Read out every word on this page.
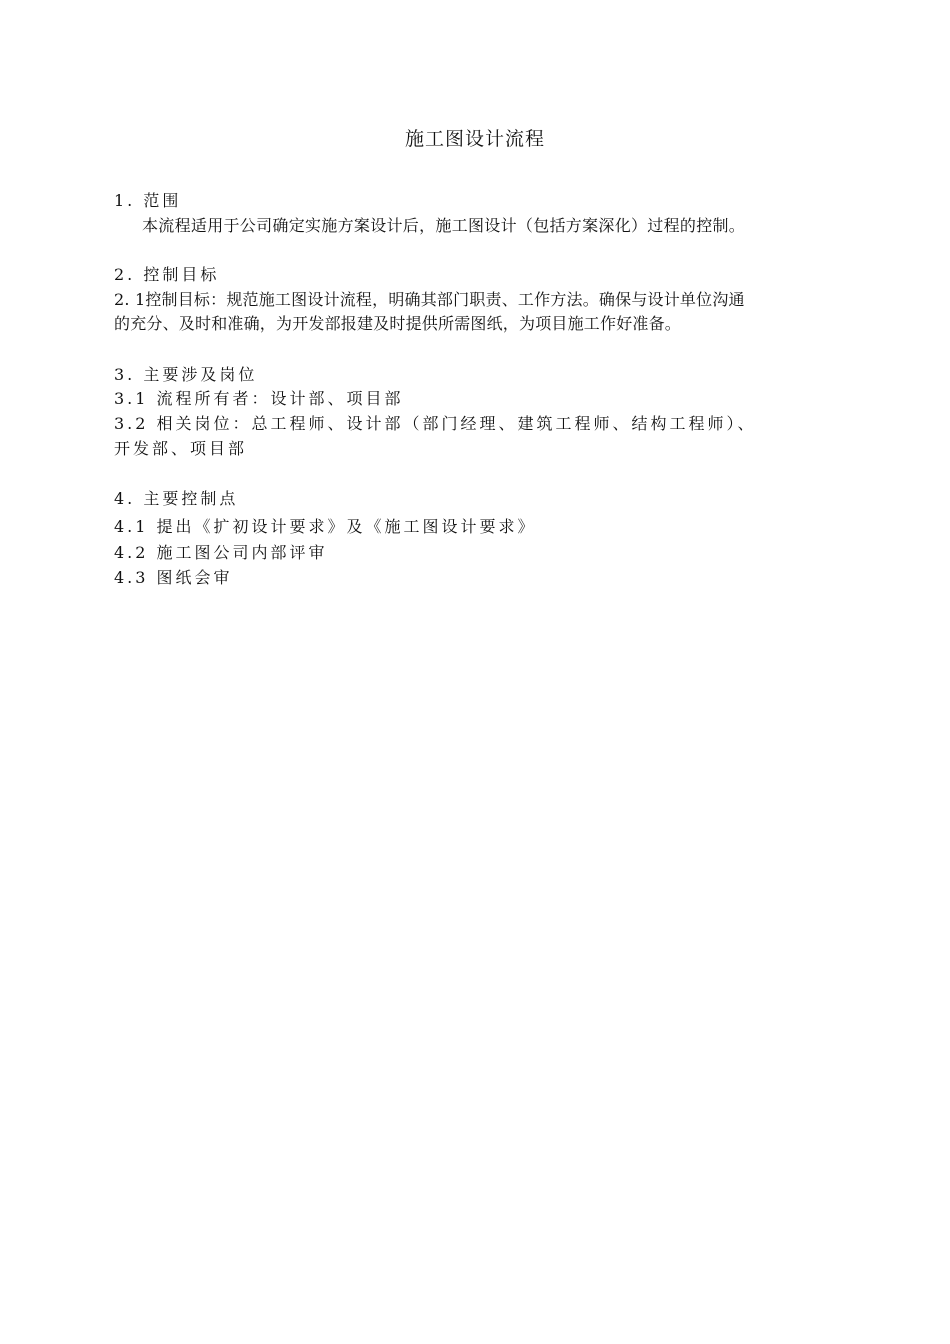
施工图设计流程
1. 范围
本流程适用于公司确定实施方案设计后，施工图设计（包括方案深化）过程的控制。
2. 控制目标
2. 1控制目标：规范施工图设计流程，明确其部门职责、工作方法。确保与设计单位沟通
的充分、及时和准确，为开发部报建及时提供所需图纸，为项目施工作好准备。
3. 主要涉及岗位
3.1 流程所有者：设计部、项目部
3.2 相关岗位：总工程师、设计部（部门经理、建筑工程师、结构工程师）、
开发部、项目部
4. 主要控制点
4.1 提出《扩初设计要求》及《施工图设计要求》
4.2 施工图公司内部评审
4.3 图纸会审
